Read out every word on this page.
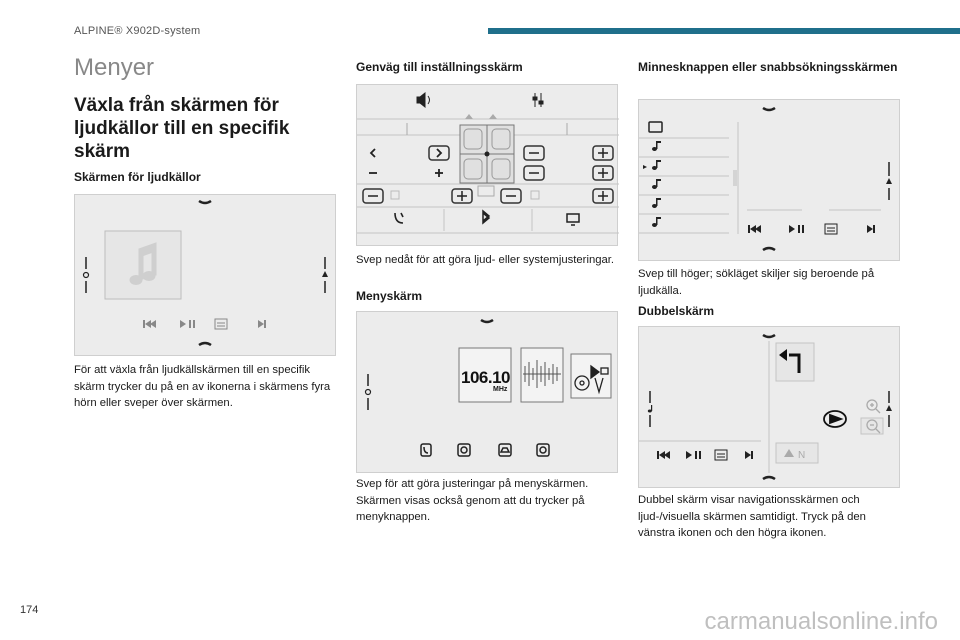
ALPINE® X902D-system
Menyer
Växla från skärmen för ljudkällor till en specifik skärm
Skärmen för ljudkällor
För att växla från ljudkällskärmen till en specifik skärm trycker du på en av ikonerna i skärmens fyra hörn eller sveper över skärmen.
Genväg till inställningsskärm
Svep nedåt för att göra ljud- eller systemjusteringar.
Menyskärm
106.10
MHz
Svep för att göra justeringar på menyskärmen. Skärmen visas också genom att du trycker på menyknappen.
Minnesknappen eller snabbsökningsskärmen
Svep till höger; sökläget skiljer sig beroende på ljudkälla.
Dubbelskärm
N
Dubbel skärm visar navigationsskärmen och ljud-/visuella skärmen samtidigt. Tryck på den vänstra ikonen och den högra ikonen.
174	carmanualsonline.info
